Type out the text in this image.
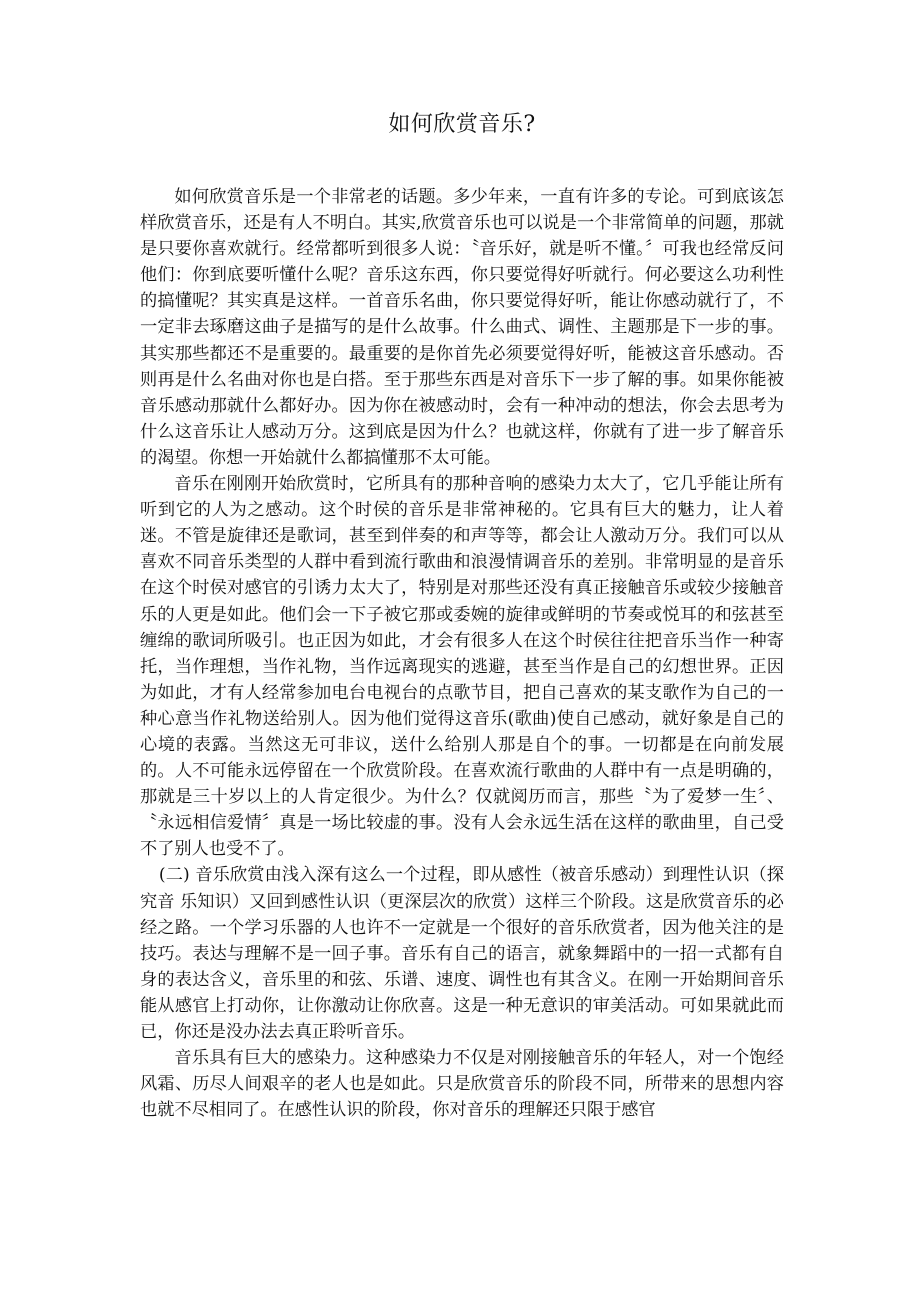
如何欣赏音乐?

如何欣赏音乐是一个非常老的话题。多少年来，一直有许多的专论。可到底该怎样欣赏音乐，还是有人不明白。其实,欣赏音乐也可以说是一个非常简单的问题，那就是只要你喜欢就行。经常都听到很多人说：〝音乐好，就是听不懂。〞可我也经常反问他们：你到底要听懂什么呢？音乐这东西，你只要觉得好听就行。何必要这么功利性的搞懂呢？其实真是这样。一首音乐名曲，你只要觉得好听，能让你感动就行了，不一定非去琢磨这曲子是描写的是什么故事。什么曲式、调性、主题那是下一步的事。其实那些都还不是重要的。最重要的是你首先必须要觉得好听，能被这音乐感动。否则再是什么名曲对你也是白搭。至于那些东西是对音乐下一步了解的事。如果你能被音乐感动那就什么都好办。因为你在被感动时，会有一种冲动的想法，你会去思考为什么这音乐让人感动万分。这到底是因为什么？也就这样，你就有了进一步了解音乐的渴望。你想一开始就什么都搞懂那不太可能。

音乐在刚刚开始欣赏时，它所具有的那种音响的感染力太大了，它几乎能让所有听到它的人为之感动。这个时侯的音乐是非常神秘的。它具有巨大的魅力，让人着迷。不管是旋律还是歌词，甚至到伴奏的和声等等，都会让人激动万分。我们可以从喜欢不同音乐类型的人群中看到流行歌曲和浪漫情调音乐的差别。非常明显的是音乐在这个时侯对感官的引诱力太大了，特别是对那些还没有真正接触音乐或较少接触音乐的人更是如此。他们会一下子被它那或委婉的旋律或鲜明的节奏或悦耳的和弦甚至缠绵的歌词所吸引。也正因为如此，才会有很多人在这个时侯往往把音乐当作一种寄托，当作理想，当作礼物，当作远离现实的逃避，甚至当作是自己的幻想世界。正因为如此，才有人经常参加电台电视台的点歌节目，把自己喜欢的某支歌作为自己的一种心意当作礼物送给别人。因为他们觉得这音乐(歌曲)使自己感动，就好象是自己的心境的表露。当然这无可非议，送什么给别人那是自个的事。一切都是在向前发展的。人不可能永远停留在一个欣赏阶段。在喜欢流行歌曲的人群中有一点是明确的，那就是三十岁以上的人肯定很少。为什么？仅就阅历而言，那些〝为了爱梦一生〞、〝永远相信爱情〞真是一场比较虚的事。没有人会永远生活在这样的歌曲里，自己受不了别人也受不了。

(二) 音乐欣赏由浅入深有这么一个过程，即从感性（被音乐感动）到理性认识（探究音 乐知识）又回到感性认识（更深层次的欣赏）这样三个阶段。这是欣赏音乐的必经之路。一个学习乐器的人也许不一定就是一个很好的音乐欣赏者，因为他关注的是技巧。表达与理解不是一回子事。音乐有自己的语言，就象舞蹈中的一招一式都有自身的表达含义，音乐里的和弦、乐谱、速度、调性也有其含义。在刚一开始期间音乐能从感官上打动你，让你激动让你欣喜。这是一种无意识的审美活动。可如果就此而已，你还是没办法去真正聆听音乐。

音乐具有巨大的感染力。这种感染力不仅是对刚接触音乐的年轻人，对一个饱经风霜、历尽人间艰辛的老人也是如此。只是欣赏音乐的阶段不同，所带来的思想内容也就不尽相同了。在感性认识的阶段，你对音乐的理解还只限于感官
